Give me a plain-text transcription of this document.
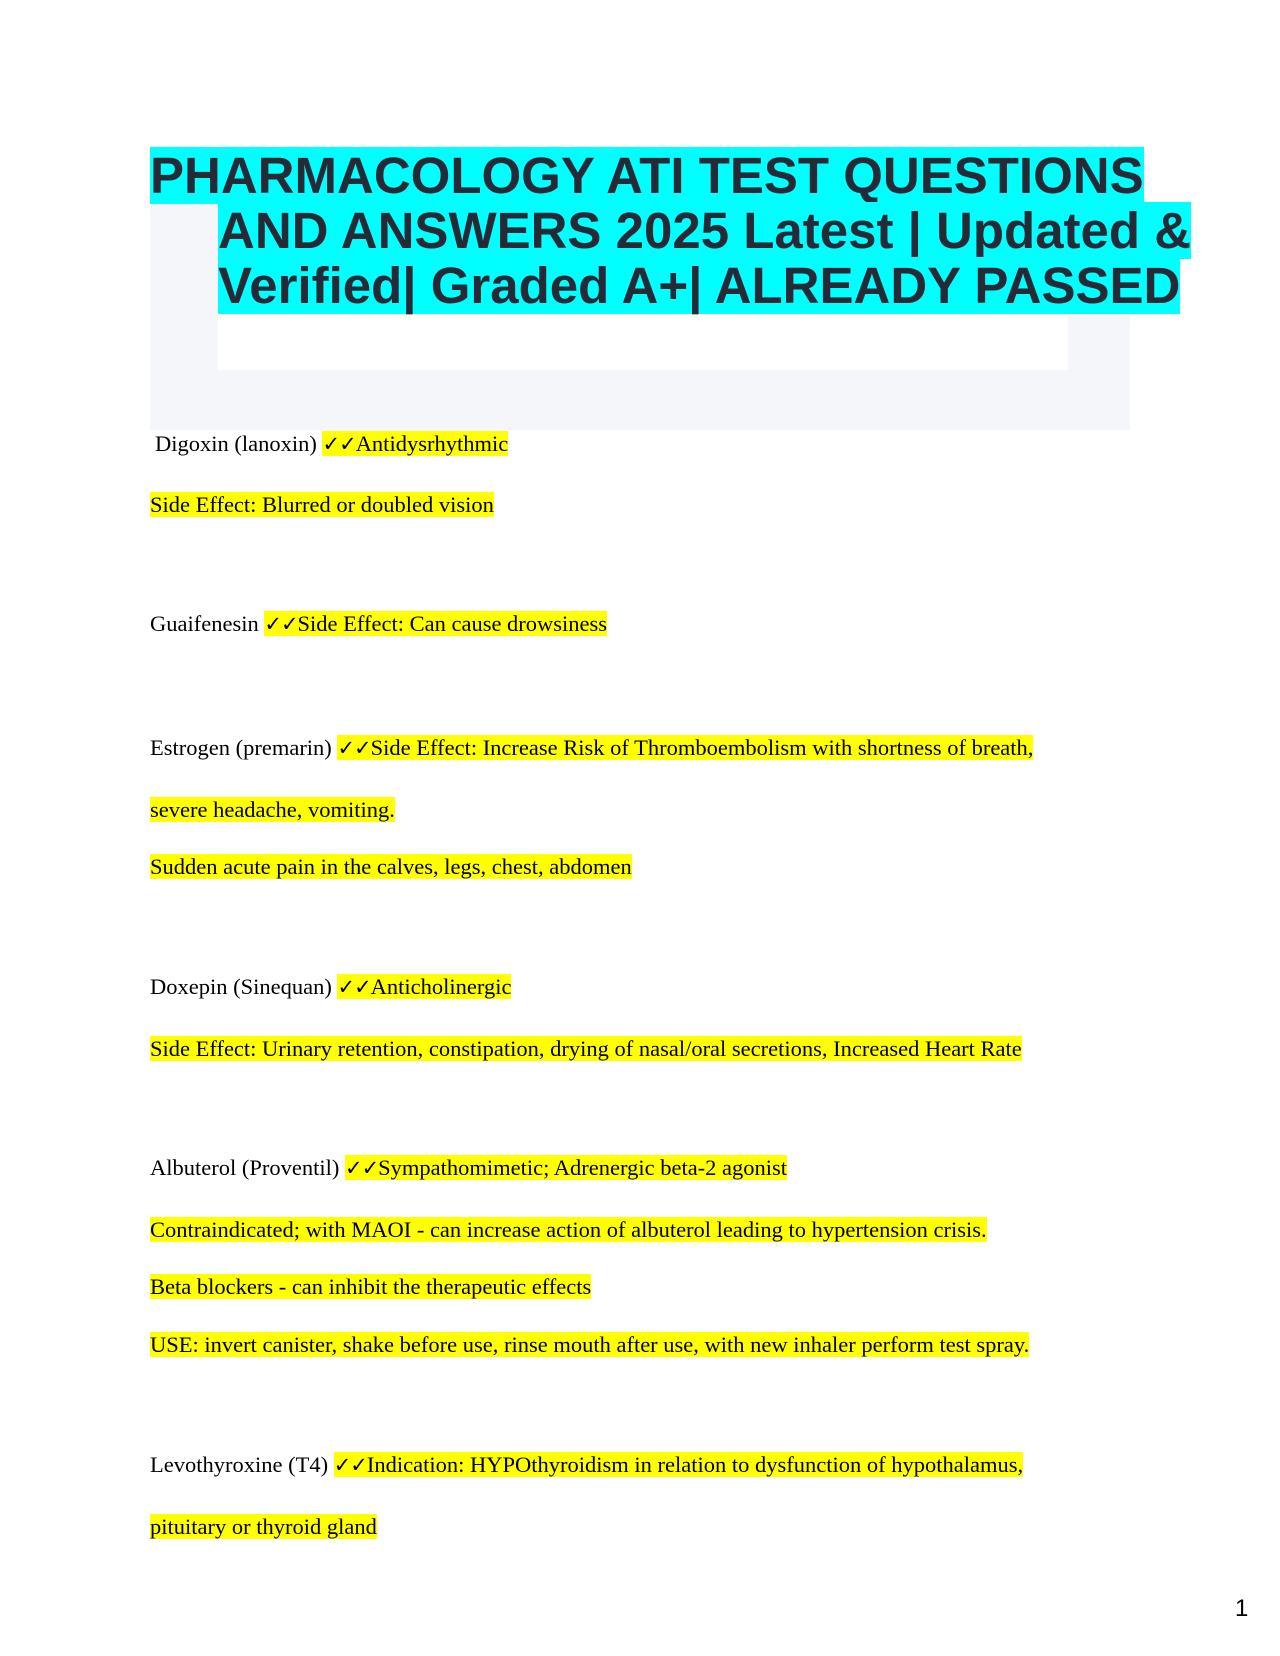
PHARMACOLOGY ATI TEST QUESTIONS AND ANSWERS 2025 Latest | Updated & Verified| Graded A+| ALREADY PASSED

Digoxin (lanoxin) ✓✓Antidysrhythmic

Side Effect: Blurred or doubled vision

Guaifenesin ✓✓Side Effect: Can cause drowsiness

Estrogen (premarin) ✓✓Side Effect: Increase Risk of Thromboembolism with shortness of breath,

severe headache, vomiting.

Sudden acute pain in the calves, legs, chest, abdomen

Doxepin (Sinequan) ✓✓Anticholinergic

Side Effect: Urinary retention, constipation, drying of nasal/oral secretions, Increased Heart Rate

Albuterol (Proventil) ✓✓Sympathomimetic; Adrenergic beta-2 agonist

Contraindicated; with MAOI - can increase action of albuterol leading to hypertension crisis.

Beta blockers - can inhibit the therapeutic effects

USE: invert canister, shake before use, rinse mouth after use, with new inhaler perform test spray.

Levothyroxine (T4) ✓✓Indication: HYPOthyroidism in relation to dysfunction of hypothalamus,

pituitary or thyroid gland

1
